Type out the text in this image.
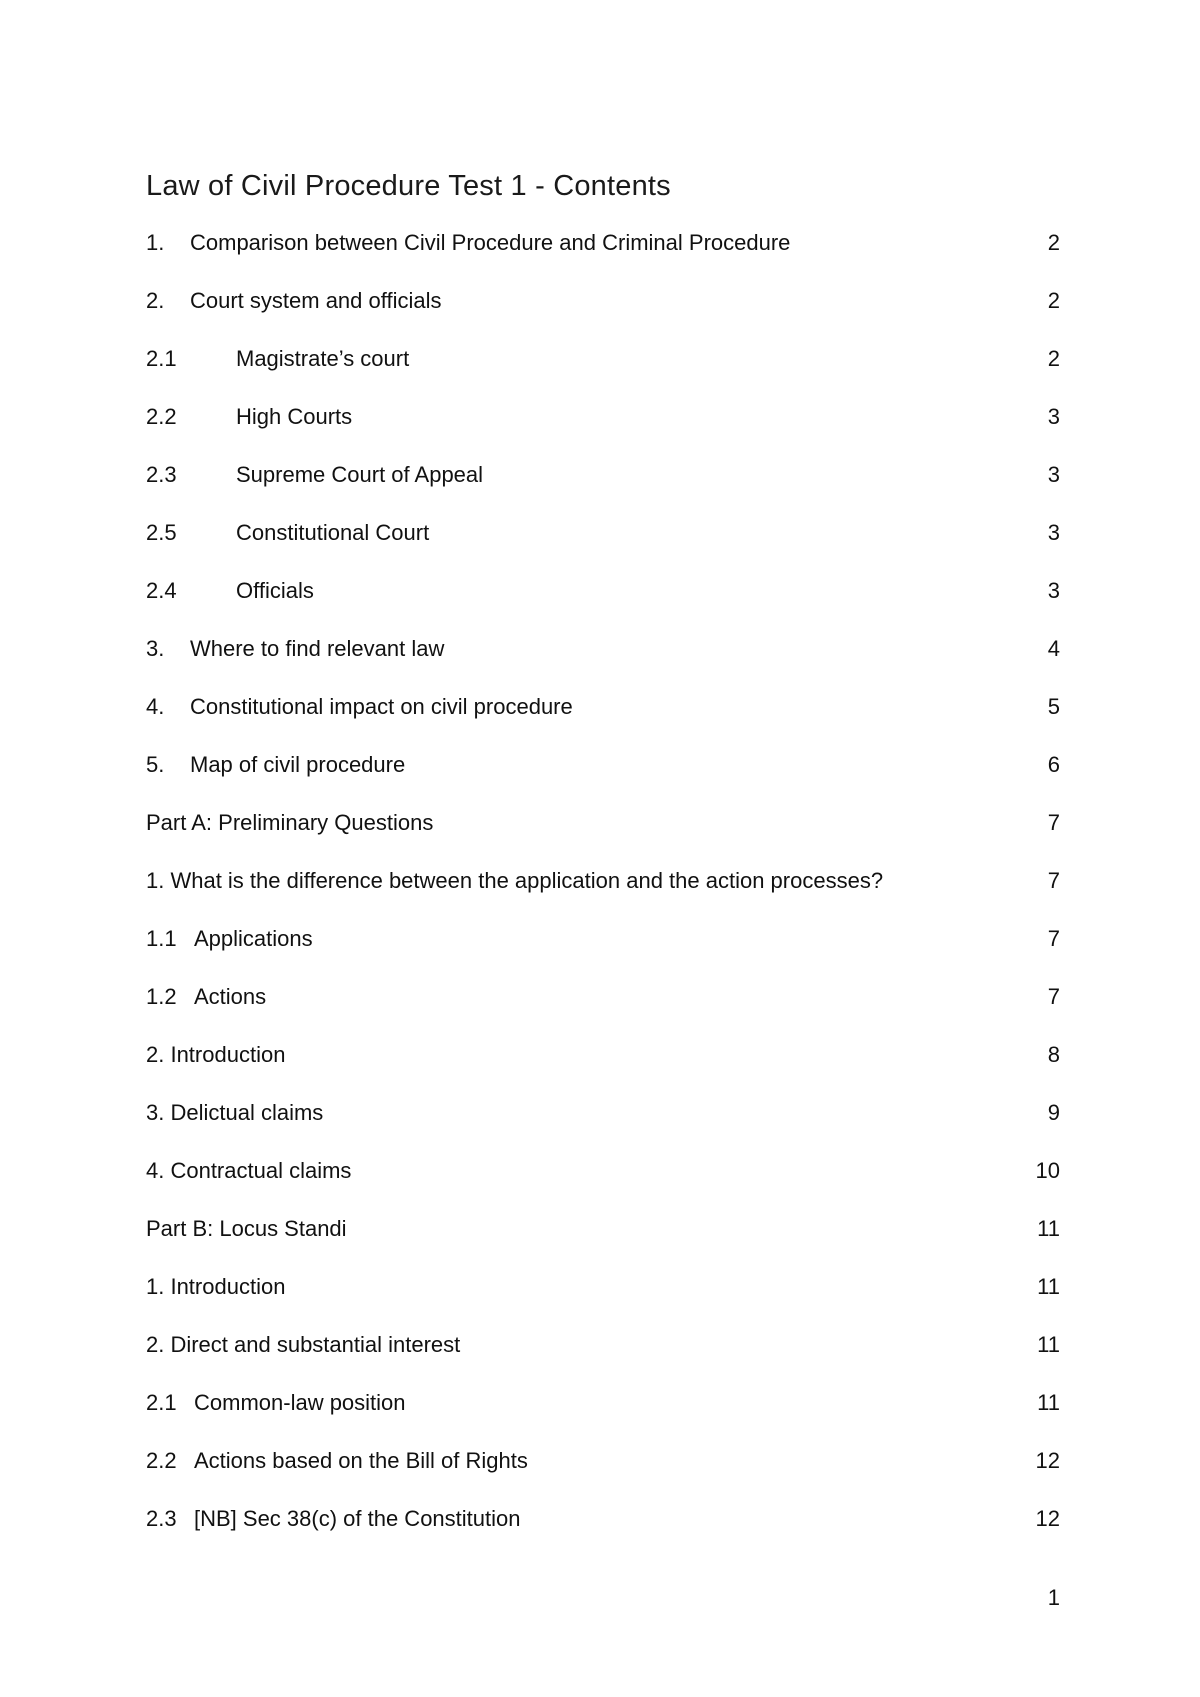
Law of Civil Procedure Test 1 - Contents
1. Comparison between Civil Procedure and Criminal Procedure	2
2. Court system and officials	2
2.1	Magistrate’s court	2
2.2	High Courts	3
2.3	Supreme Court of Appeal	3
2.5	Constitutional Court	3
2.4	Officials	3
3. Where to find relevant law	4
4. Constitutional impact on civil procedure	5
5. Map of civil procedure	6
Part A: Preliminary Questions	7
1. What is the difference between the application and the action processes?	7
1.1 Applications	7
1.2 Actions	7
2. Introduction	8
3. Delictual claims	9
4. Contractual claims	10
Part B: Locus Standi	11
1. Introduction	11
2. Direct and substantial interest	11
2.1 Common-law position	11
2.2 Actions based on the Bill of Rights	12
2.3 [NB] Sec 38(c) of the Constitution	12
1
